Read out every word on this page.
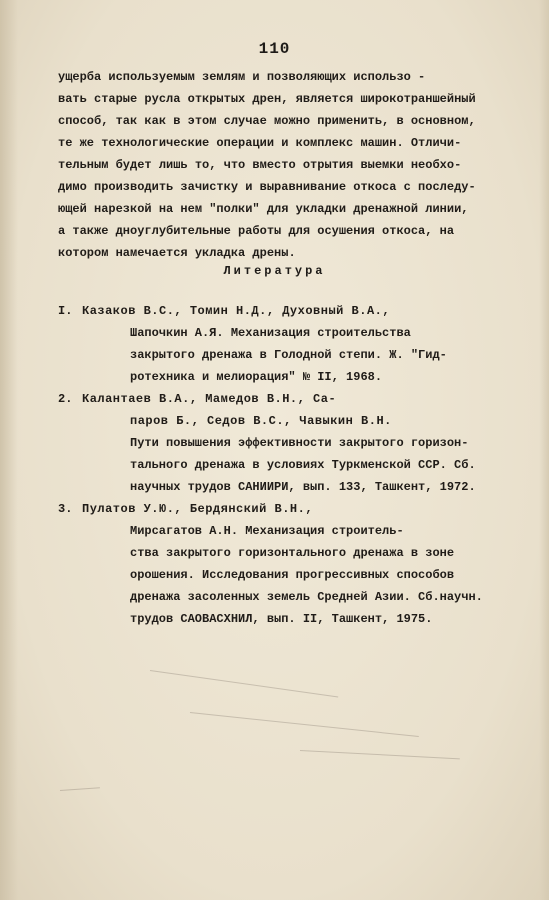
110
ущерба используемым землям и позволяющих использо -
вать старые русла открытых дрен, является широкотраншейный
способ, так как в этом случае можно применить, в основном,
те же технологические операции и комплекс машин. Отличи-
тельным будет лишь то, что вместо отрытия выемки необхо-
димо производить зачистку и выравнивание откоса с последу-
ющей нарезкой на нем "полки" для укладки дренажной линии,
а также дноуглубительные работы для осушения откоса, на
котором намечается укладка дрены.
Литература
I. Казаков В.С., Томин Н.Д., Духовный В.А.,
Шапочкин А.Я. Механизация строительства
закрытого дренажа в Голодной степи. Ж. "Гид-
ротехника и мелиорация" № II, 1968.
2. Калантаев В.А., Мамедов В.Н., Са-
паров Б., Седов В.С., Чавыкин В.Н.
Пути повышения эффективности закрытого горизон-
тального дренажа в условиях Туркменской ССР. Сб.
научных трудов САНИИРИ, вып. 133, Ташкент, 1972.
3. Пулатов У.Ю., Бердянский В.Н.,
Мирсагатов А.Н. Механизация строитель-
ства закрытого горизонтального дренажа в зоне
орошения. Исследования прогрессивных способов
дренажа засоленных земель Средней Азии. Сб.научн.
трудов САОВАСХНИЛ, вып. II, Ташкент, 1975.
